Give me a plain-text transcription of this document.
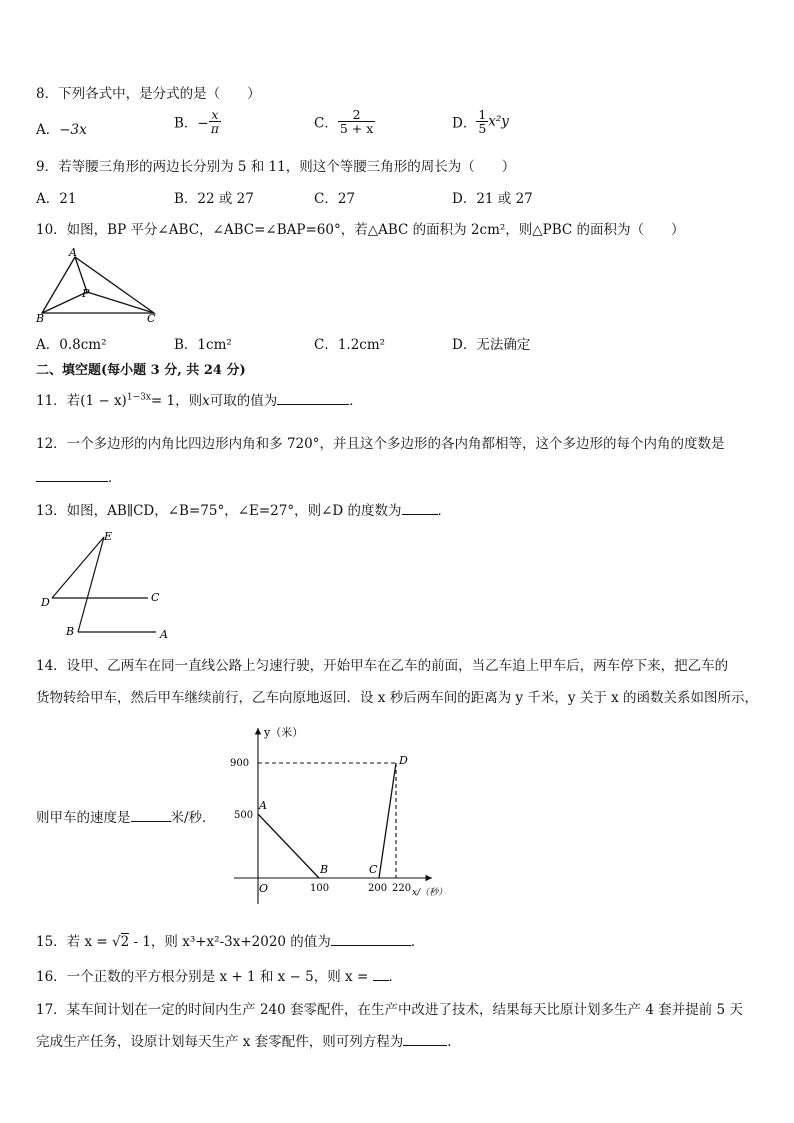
8．下列各式中，是分式的是（　　）
A．−3x	B．− $\frac{x}{\pi}$	C． $\frac{2}{5 + x}$	D． $\frac{1}{5} x^2y$
9．若等腰三角形的两边长分别为 5 和 11，则这个等腰三角形的周长为（　　）
A．21	B．22 或 27	C．27	D．21 或 27
10．如图，BP 平分∠ABC，∠ABC=∠BAP=60°，若△ABC 的面积为 2cm²，则△PBC 的面积为（　　）
A
B	C
P
A．0.8cm²	B．1cm²	C．1.2cm²	D．无法确定
二、填空题(每小题 3 分, 共 24 分)
11．若$(1 - x)^{1-3x}= 1$，则x可取的值为	．
12．一个多边形的内角比四边形内角和多 720°，并且这个多边形的各内角都相等，这个多边形的每个内角的度数是
．
13．如图，AB∥CD，∠B=75°，∠E=27°，则∠D 的度数为	．
E
D	C
B	A
14．设甲、乙两车在同一直线公路上匀速行驶，开始甲车在乙车的前面，当乙车追上甲车后，两车停下来，把乙车的
货物转给甲车，然后甲车继续前行，乙车向原地返回．设 x 秒后两车间的距离为 y 千米，y 关于 x 的函数关系如图所示，
则甲车的速度是	米/秒．
y（米）
900
500
A
B	C
D
O	100	200 220 x/（秒）
15．若 x = √2 - 1，则 x³+x²-3x+2020 的值为	．
16．一个正数的平方根分别是 x + 1 和 x − 5，则 x = ．
17．某车间计划在一定的时间内生产 240 套零配件，在生产中改进了技术，结果每天比原计划多生产 4 套并提前 5 天
完成生产任务，设原计划每天生产 x 套零配件，则可列方程为	．
